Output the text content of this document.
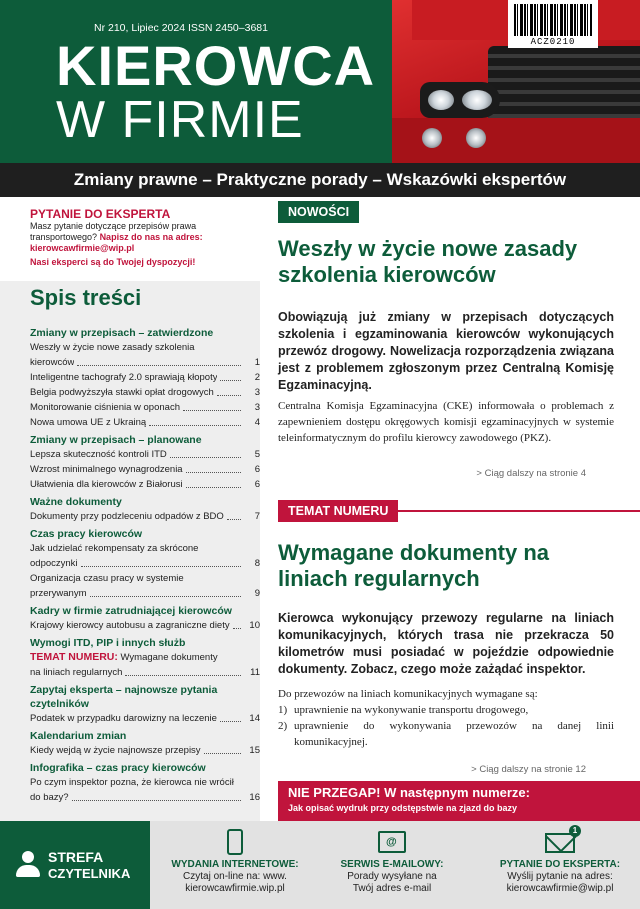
ACZ0210
Nr 210, Lipiec 2024 ISSN 2450–3681
KIEROWCA
W FIRMIE
Zmiany prawne – Praktyczne porady – Wskazówki ekspertów
PYTANIE DO EKSPERTA
Masz pytanie dotyczące przepisów prawa transportowego? Napisz do nas na adres: kierowcawfirmie@wip.pl
Nasi eksperci są do Twojej dyspozycji!
Spis treści
Zmiany w przepisach – zatwierdzone
Weszły w życie nowe zasady szkolenia
kierowców	1
Inteligentne tachografy 2.0 sprawiają kłopoty	2
Belgia podwyższyła stawki opłat drogowych	3
Monitorowanie ciśnienia w oponach	3
Nowa umowa UE z Ukrainą	4
Zmiany w przepisach – planowane
Lepsza skuteczność kontroli ITD	5
Wzrost minimalnego wynagrodzenia	6
Ułatwienia dla kierowców z Białorusi	6
Ważne dokumenty
Dokumenty przy podzleceniu odpadów z BDO	7
Czas pracy kierowców
Jak udzielać rekompensaty za skrócone
odpoczynki	8
Organizacja czasu pracy w systemie
przerywanym	9
Kadry w firmie zatrudniającej kierowców
Krajowy kierowcy autobusu a zagraniczne diety	10
Wymogi ITD, PIP i innych służb
TEMAT NUMERU: Wymagane dokumenty
na liniach regularnych	11
Zapytaj eksperta – najnowsze pytania czytelników
Podatek w przypadku darowizny na leczenie	14
Kalendarium zmian
Kiedy wejdą w życie najnowsze przepisy	15
Infografika – czas pracy kierowców
Po czym inspektor pozna, że kierowca nie wrócił
do bazy?	16
NOWOŚCI
Weszły w życie nowe zasady szkolenia kierowców
Obowiązują już zmiany w przepisach dotyczących szkolenia i egzaminowania kierowców wykonujących przewóz drogowy. Nowelizacja rozporządzenia związana jest z problemem zgłoszonym przez Centralną Komisję Egzaminacyjną.
Centralna Komisja Egzaminacyjna (CKE) informowała o problemach z zapewnieniem dostępu okręgowych komisji egzaminacyjnych w systemie teleinformatycznym do profilu kierowcy zawodowego (PKZ).
> Ciąg dalszy na stronie 4
TEMAT NUMERU
Wymagane dokumenty na liniach regularnych
Kierowca wykonujący przewozy regularne na liniach komunikacyjnych, których trasa nie przekracza 50 kilometrów musi posiadać w pojeździe odpowiednie dokumenty. Zobacz, czego może zażądać inspektor.
Do przewozów na liniach komunikacyjnych wymagane są:
1) uprawnienie na wykonywanie transportu drogowego,
2) uprawnienie do wykonywania przewozów na danej linii komunikacyjnej.
> Ciąg dalszy na stronie 12
NIE PRZEGAP! W następnym numerze:
Jak opisać wydruk przy odstępstwie na zjazd do bazy
STREFA
CZYTELNIKA
WYDANIA INTERNETOWE:
Czytaj on-line na: www.
kierowcawfirmie.wip.pl
@
SERWIS E-MAILOWY:
Porady wysyłane na
Twój adres e-mail
1
PYTANIE DO EKSPERTA:
Wyślij pytanie na adres:
kierowcawfirmie@wip.pl
